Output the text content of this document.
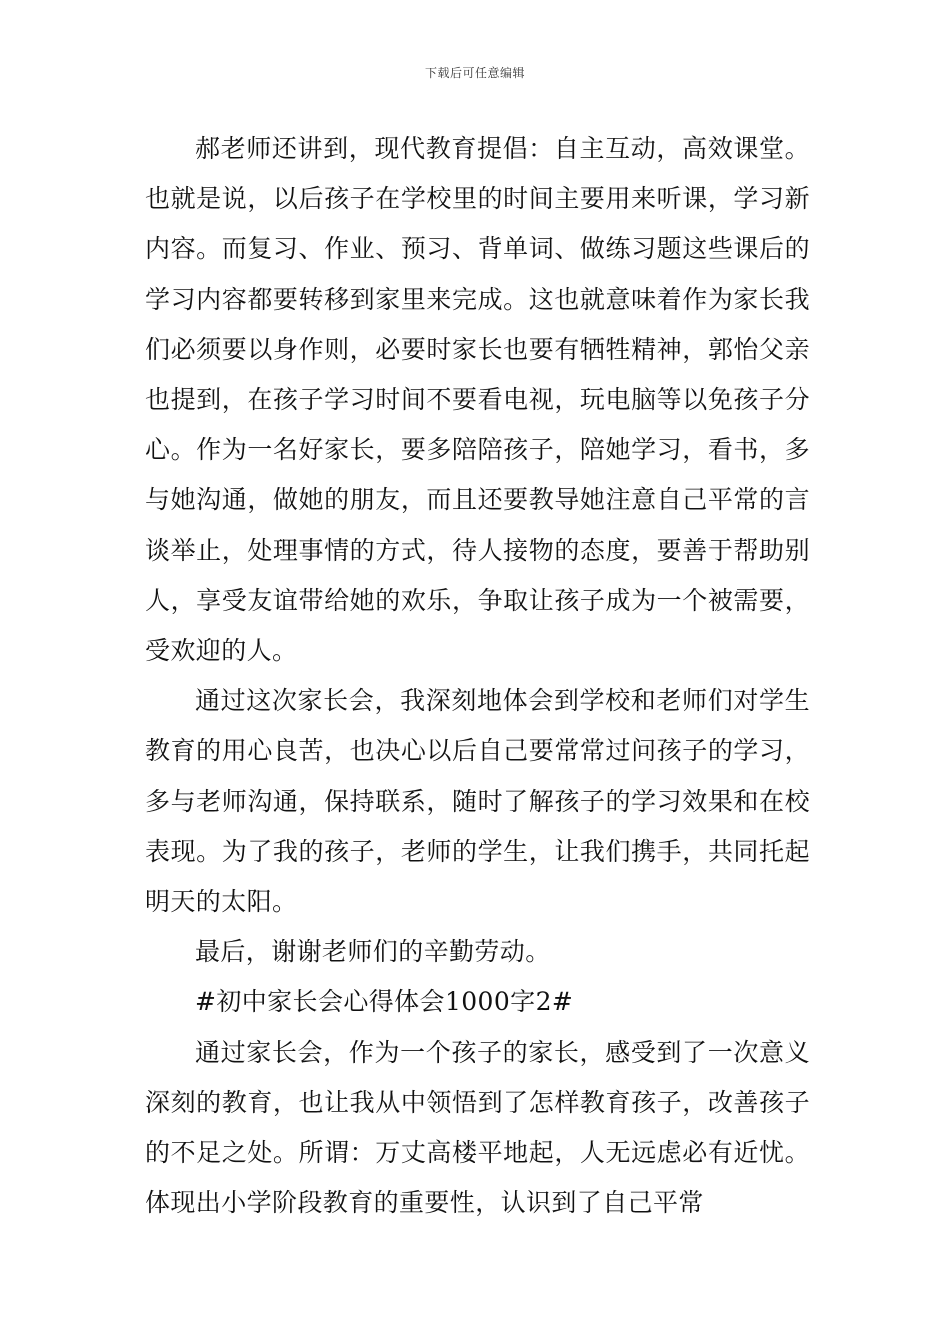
下载后可任意编辑

郝老师还讲到，现代教育提倡：自主互动，高效课堂。也就是说，以后孩子在学校里的时间主要用来听课，学习新内容。而复习、作业、预习、背单词、做练习题这些课后的学习内容都要转移到家里来完成。这也就意味着作为家长我们必须要以身作则，必要时家长也要有牺牲精神，郭怡父亲也提到，在孩子学习时间不要看电视，玩电脑等以免孩子分心。作为一名好家长，要多陪陪孩子，陪她学习，看书，多与她沟通，做她的朋友，而且还要教导她注意自己平常的言谈举止，处理事情的方式，待人接物的态度，要善于帮助别人，享受友谊带给她的欢乐，争取让孩子成为一个被需要，受欢迎的人。

通过这次家长会，我深刻地体会到学校和老师们对学生教育的用心良苦，也决心以后自己要常常过问孩子的学习，多与老师沟通，保持联系，随时了解孩子的学习效果和在校表现。为了我的孩子，老师的学生，让我们携手，共同托起明天的太阳。

最后，谢谢老师们的辛勤劳动。

#初中家长会心得体会1000字2#

通过家长会，作为一个孩子的家长，感受到了一次意义深刻的教育，也让我从中领悟到了怎样教育孩子，改善孩子的不足之处。所谓：万丈高楼平地起，人无远虑必有近忧。体现出小学阶段教育的重要性，认识到了自己平常
